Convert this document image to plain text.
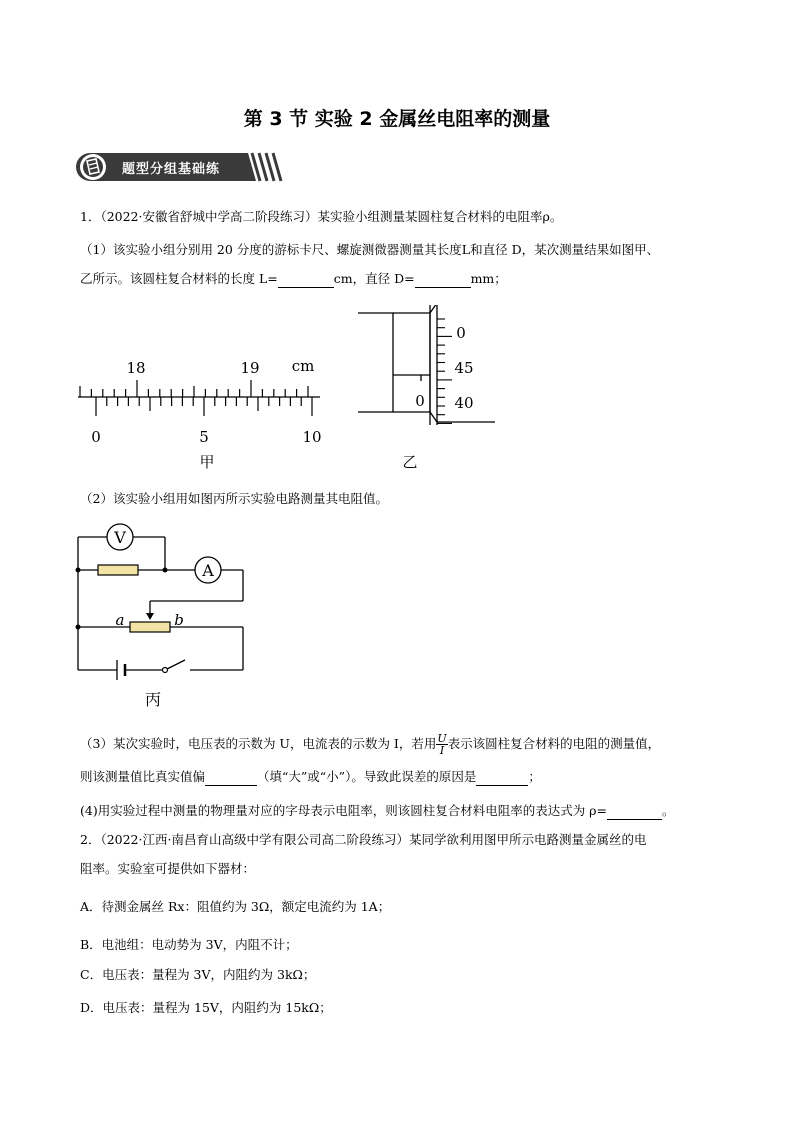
第 3 节 实验 2 金属丝电阻率的测量
题型分组基础练
1．（2022·安徽省舒城中学高二阶段练习）某实验小组测量某圆柱复合材料的电阻率ρ。
（1）该实验小组分别用 20 分度的游标卡尺、螺旋测微器测量其长度L和直径 D，某次测量结果如图甲、
乙所示。该圆柱复合材料的长度 L=	cm，直径 D=	mm；
18	19 cm
0	5	10
甲
0
45
40
0
乙
（2）该实验小组用如图丙所示实验电路测量其电阻值。
V
A
a	b
丙
（3）某次实验时，电压表的示数为 U，电流表的示数为 I，若用 $\frac{U}{I}$ 表示该圆柱复合材料的电阻的测量值，
则该测量值比真实值偏	（填“大”或“小”）。导致此误差的原因是	；
(4)用实验过程中测量的物理量对应的字母表示电阻率，则该圆柱复合材料电阻率的表达式为 ρ=	。
2．（2022·江西·南昌育山高级中学有限公司高二阶段练习）某同学欲利用图甲所示电路测量金属丝的电
阻率。实验室可提供如下器材：
A．待测金属丝 Rx：阻值约为 3Ω，额定电流约为 1A；
B．电池组：电动势为 3V，内阻不计；
C．电压表：量程为 3V，内阻约为 3kΩ；
D．电压表：量程为 15V，内阻约为 15kΩ；
